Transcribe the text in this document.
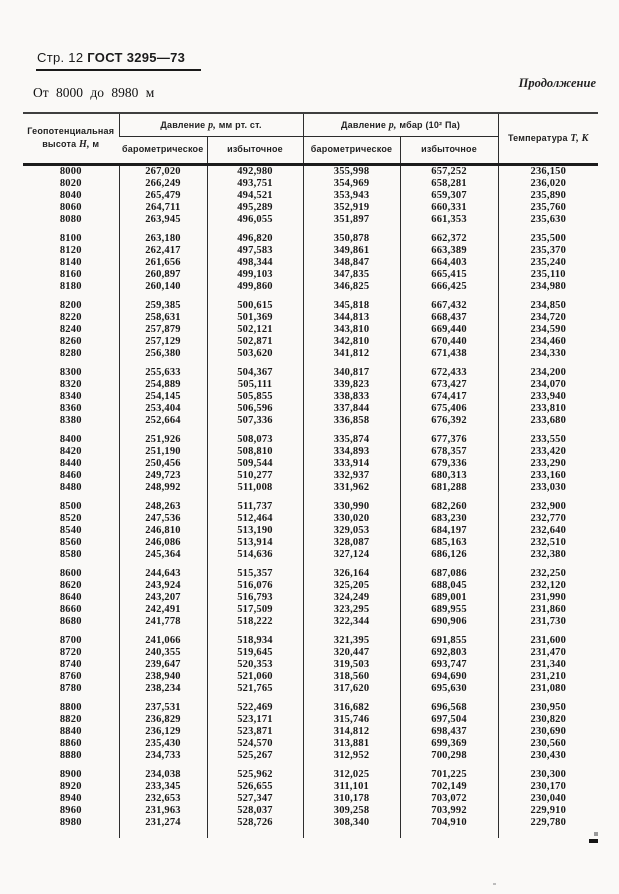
Стр. 12 ГОСТ 3295—73
Продолжение
От 8000 до 8980 м
Геопотенциальная
высота Н, м	Давление р, мм рт. ст.		Давление р, мбар (10² Па)		Температура Т, К
	барометрическое	избыточное	барометрическое	избыточное	
8000	267,020	492,980	355,998	657,252	236,150
8020	266,249	493,751	354,969	658,281	236,020
8040	265,479	494,521	353,943	659,307	235,890
8060	264,711	495,289	352,919	660,331	235,760
8080	263,945	496,055	351,897	661,353	235,630

8100	263,180	496,820	350,878	662,372	235,500
8120	262,417	497,583	349,861	663,389	235,370
8140	261,656	498,344	348,847	664,403	235,240
8160	260,897	499,103	347,835	665,415	235,110
8180	260,140	499,860	346,825	666,425	234,980

8200	259,385	500,615	345,818	667,432	234,850
8220	258,631	501,369	344,813	668,437	234,720
8240	257,879	502,121	343,810	669,440	234,590
8260	257,129	502,871	342,810	670,440	234,460
8280	256,380	503,620	341,812	671,438	234,330

8300	255,633	504,367	340,817	672,433	234,200
8320	254,889	505,111	339,823	673,427	234,070
8340	254,145	505,855	338,833	674,417	233,940
8360	253,404	506,596	337,844	675,406	233,810
8380	252,664	507,336	336,858	676,392	233,680

8400	251,926	508,073	335,874	677,376	233,550
8420	251,190	508,810	334,893	678,357	233,420
8440	250,456	509,544	333,914	679,336	233,290
8460	249,723	510,277	332,937	680,313	233,160
8480	248,992	511,008	331,962	681,288	233,030

8500	248,263	511,737	330,990	682,260	232,900
8520	247,536	512,464	330,020	683,230	232,770
8540	246,810	513,190	329,053	684,197	232,640
8560	246,086	513,914	328,087	685,163	232,510
8580	245,364	514,636	327,124	686,126	232,380

8600	244,643	515,357	326,164	687,086	232,250
8620	243,924	516,076	325,205	688,045	232,120
8640	243,207	516,793	324,249	689,001	231,990
8660	242,491	517,509	323,295	689,955	231,860
8680	241,778	518,222	322,344	690,906	231,730

8700	241,066	518,934	321,395	691,855	231,600
8720	240,355	519,645	320,447	692,803	231,470
8740	239,647	520,353	319,503	693,747	231,340
8760	238,940	521,060	318,560	694,690	231,210
8780	238,234	521,765	317,620	695,630	231,080

8800	237,531	522,469	316,682	696,568	230,950
8820	236,829	523,171	315,746	697,504	230,820
8840	236,129	523,871	314,812	698,437	230,690
8860	235,430	524,570	313,881	699,369	230,560
8880	234,733	525,267	312,952	700,298	230,430

8900	234,038	525,962	312,025	701,225	230,300
8920	233,345	526,655	311,101	702,149	230,170
8940	232,653	527,347	310,178	703,072	230,040
8960	231,963	528,037	309,258	703,992	229,910
8980	231,274	528,726	308,340	704,910	229,780
